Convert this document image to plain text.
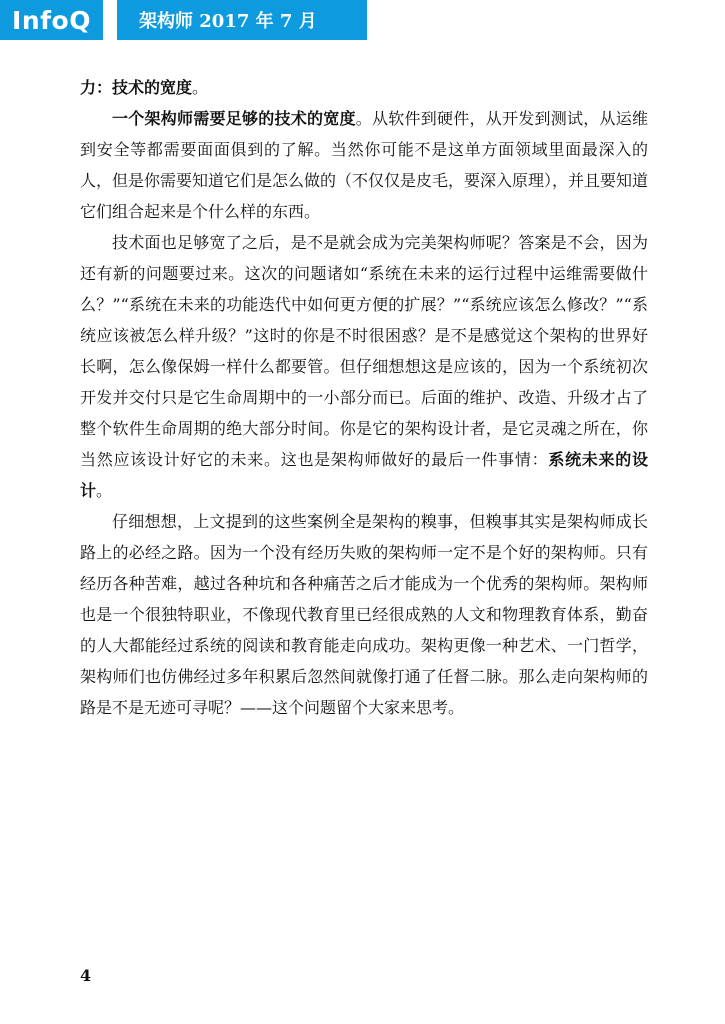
InfoQ	架构师 2017 年 7 月

力：技术的宽度。

一个架构师需要足够的技术的宽度。从软件到硬件，从开发到测试，从运维到安全等都需要面面俱到的了解。当然你可能不是这单方面领域里面最深入的人，但是你需要知道它们是怎么做的（不仅仅是皮毛，要深入原理），并且要知道它们组合起来是个什么样的东西。

技术面也足够宽了之后，是不是就会成为完美架构师呢？答案是不会，因为还有新的问题要过来。这次的问题诸如“系统在未来的运行过程中运维需要做什么？”“系统在未来的功能迭代中如何更方便的扩展？”“系统应该怎么修改？”“系统应该被怎么样升级？”这时的你是不时很困惑？是不是感觉这个架构的世界好长啊，怎么像保姆一样什么都要管。但仔细想想这是应该的，因为一个系统初次开发并交付只是它生命周期中的一小部分而已。后面的维护、改造、升级才占了整个软件生命周期的绝大部分时间。你是它的架构设计者，是它灵魂之所在，你当然应该设计好它的未来。这也是架构师做好的最后一件事情：系统未来的设计。

仔细想想，上文提到的这些案例全是架构的糗事，但糗事其实是架构师成长路上的必经之路。因为一个没有经历失败的架构师一定不是个好的架构师。只有经历各种苦难，越过各种坑和各种痛苦之后才能成为一个优秀的架构师。架构师也是一个很独特职业，不像现代教育里已经很成熟的人文和物理教育体系，勤奋的人大都能经过系统的阅读和教育能走向成功。架构更像一种艺术、一门哲学，架构师们也仿佛经过多年积累后忽然间就像打通了任督二脉。那么走向架构师的路是不是无迹可寻呢？——这个问题留个大家来思考。

4
